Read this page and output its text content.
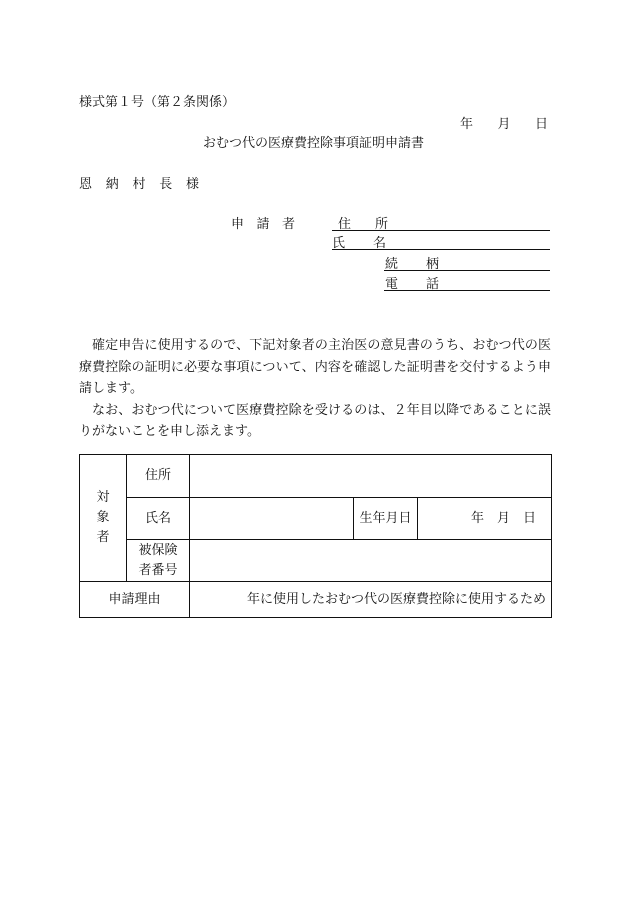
様式第１号（第２条関係）
年 月 日
おむつ代の医療費控除事項証明申請書
恩 納 村 長 様
申 請 者	住 所
氏 名
続 柄
電 話

確定申告に使用するので、下記対象者の主治医の意見書のうち、おむつ代の医療費控除の証明に必要な事項について、内容を確認した証明書を交付するよう申請します。

なお、おむつ代について医療費控除を受けるのは、２年目以降であることに誤りがないことを申し添えます。

対
象
者	住所			
	氏名		生年月日	年 月 日

	被保険
者番号			

申請理由		年に使用したおむつ代の医療費控除に使用するため		
